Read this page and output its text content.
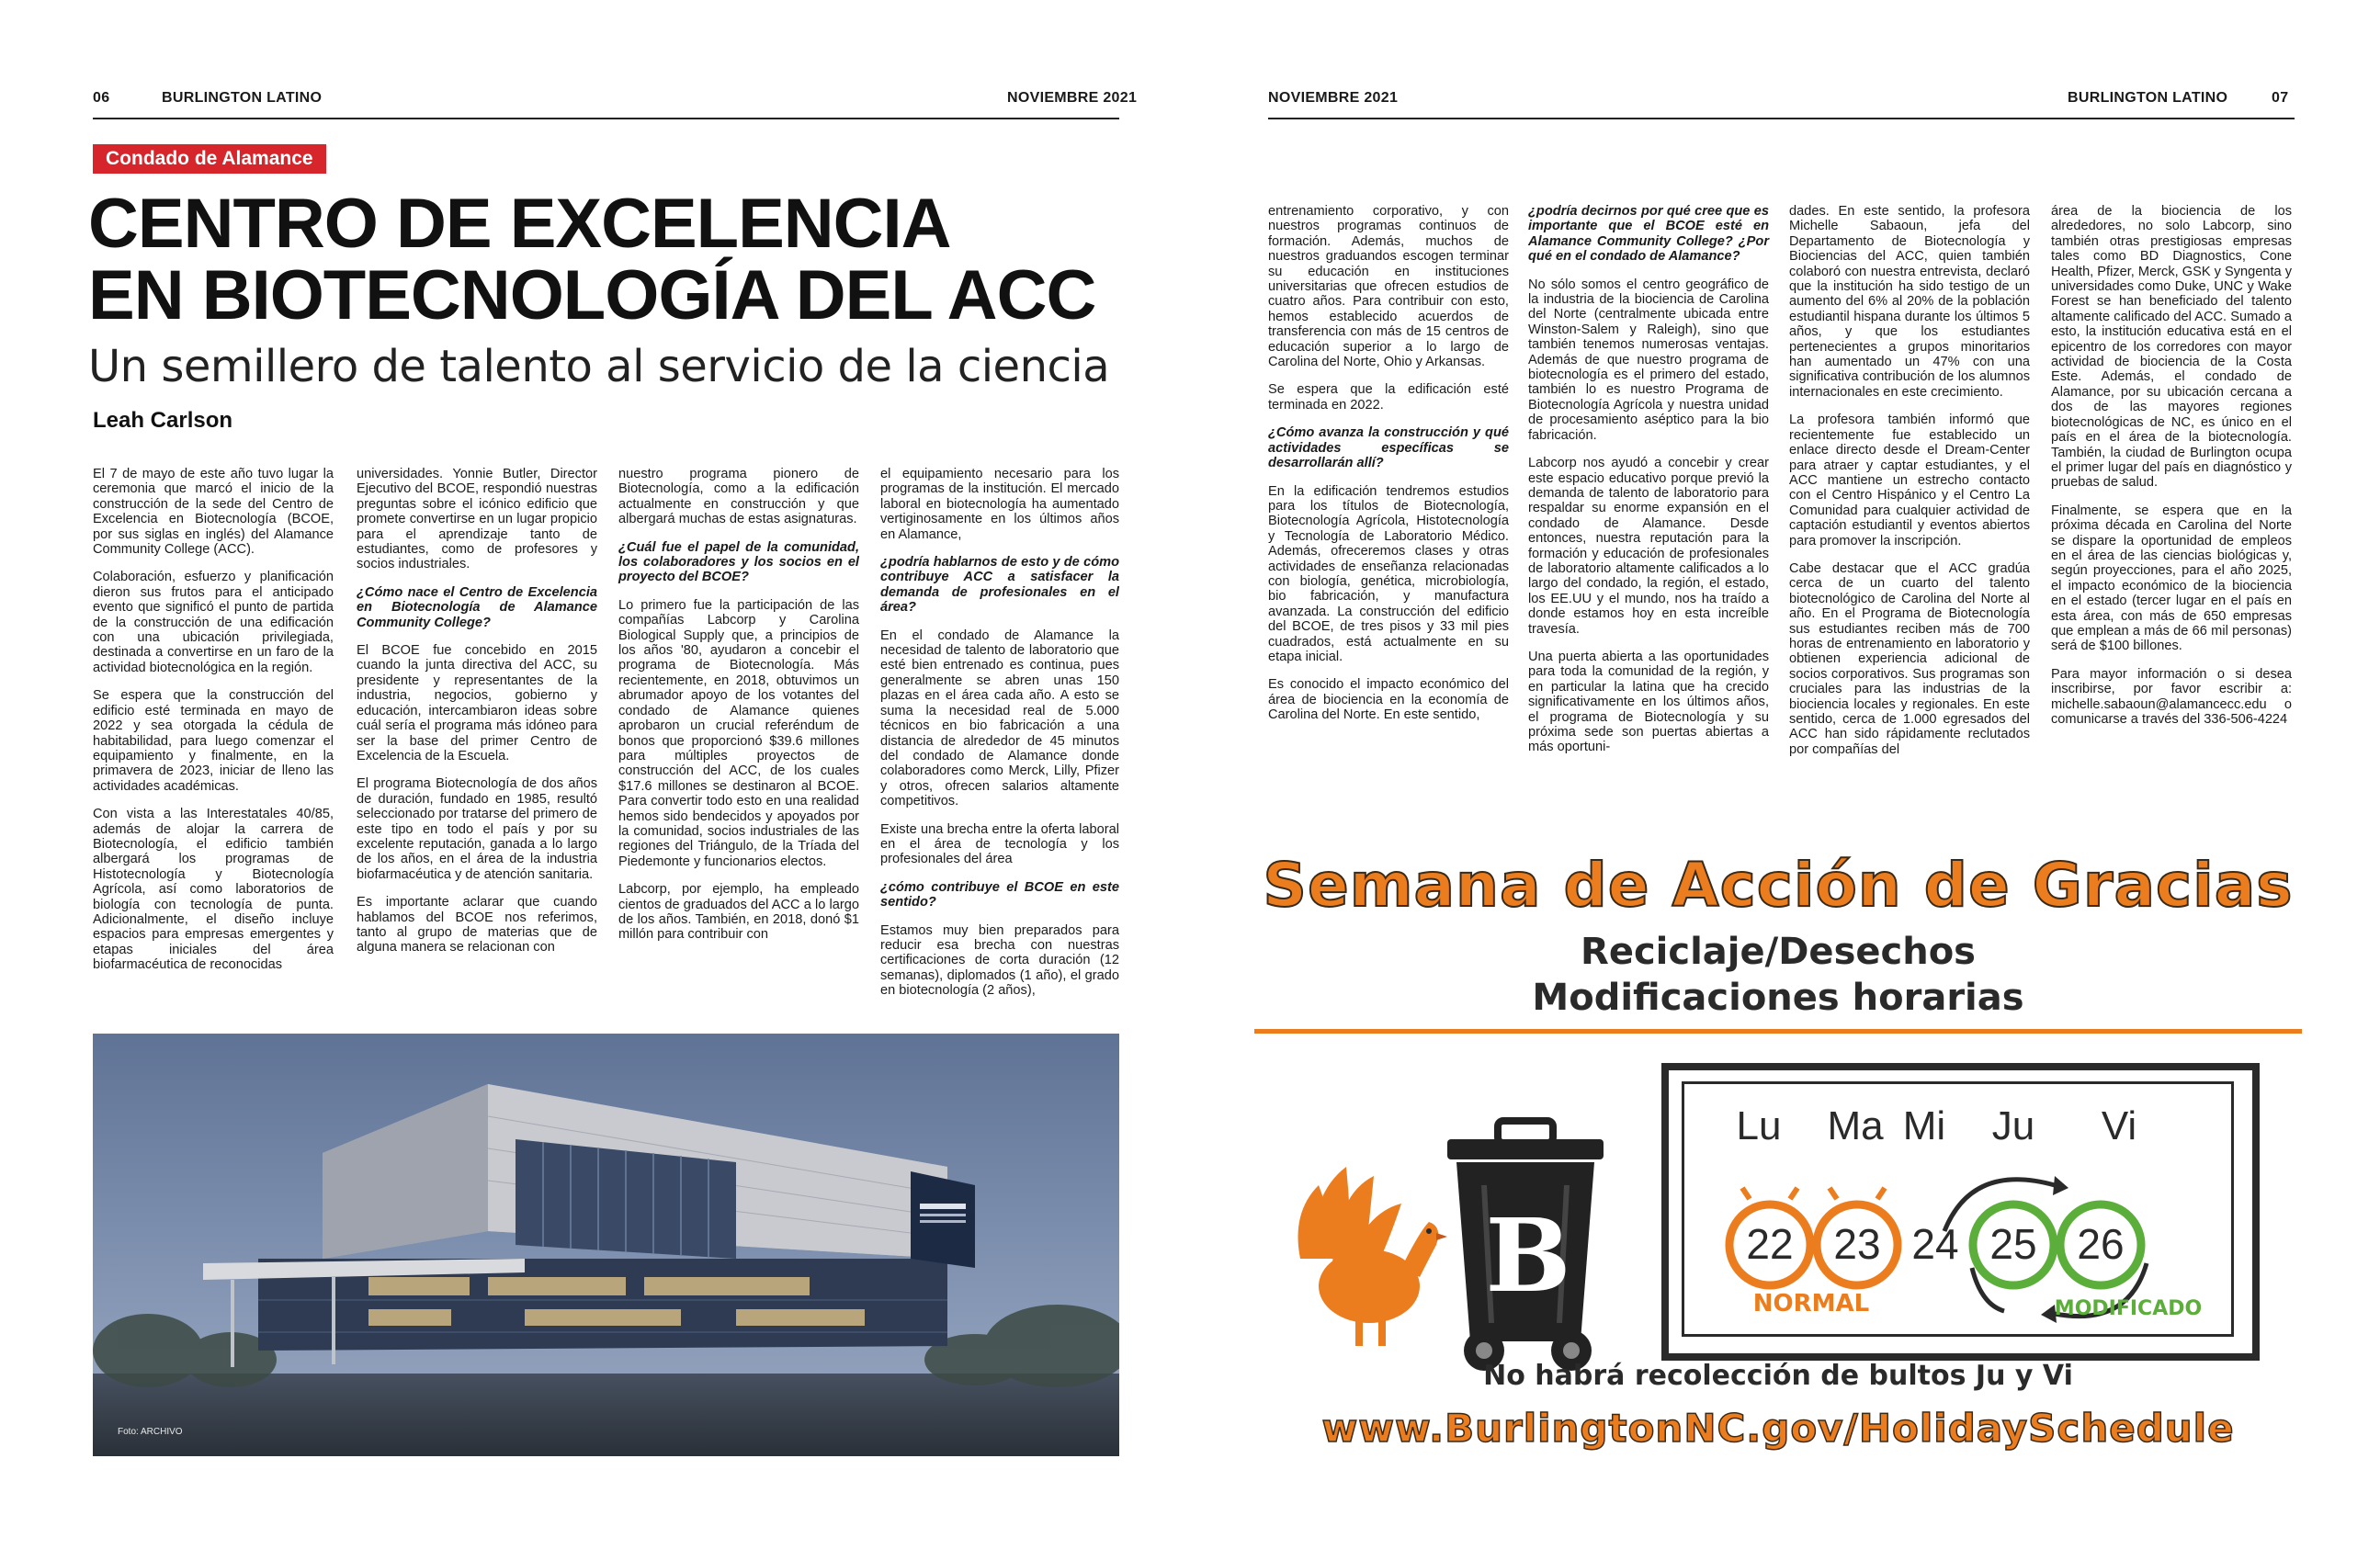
06	BURLINGTON LATINO	NOVIEMBRE 2021
Condado de Alamance
CENTRO DE EXCELENCIA
EN BIOTECNOLOGÍA DEL ACC
Un semillero de talento al servicio de la ciencia
Leah Carlson

El 7 de mayo de este año tuvo lugar la ceremonia que marcó el inicio de la construcción de la sede del Centro de Excelencia en Biotecnología (BCOE, por sus siglas en inglés) del Alamance Community College (ACC).

Colaboración, esfuerzo y planificación dieron sus frutos para el anticipado evento que significó el punto de partida de la construcción de una edificación con una ubicación privilegiada, destinada a convertirse en un faro de la actividad biotecnológica en la región.

Se espera que la construcción del edificio esté terminada en mayo de 2022 y sea otorgada la cédula de habitabilidad, para luego comenzar el equipamiento y finalmente, en la primavera de 2023, iniciar de lleno las actividades académicas.

Con vista a las Interestatales 40/85, además de alojar la carrera de Biotecnología, el edificio también albergará los programas de Histotecnología y Biotecnología Agrícola, así como laboratorios de biología con tecnología de punta. Adicionalmente, el diseño incluye espacios para empresas emergentes y etapas iniciales del área biofarmacéutica de reconocidas

universidades. Yonnie Butler, Director Ejecutivo del BCOE, respondió nuestras preguntas sobre el icónico edificio que promete convertirse en un lugar propicio para el aprendizaje tanto de estudiantes, como de profesores y socios industriales.

¿Cómo nace el Centro de Excelencia en Biotecnología de Alamance Community College?

El BCOE fue concebido en 2015 cuando la junta directiva del ACC, su presidente y representantes de la industria, negocios, gobierno y educación, intercambiaron ideas sobre cuál sería el programa más idóneo para ser la base del primer Centro de Excelencia de la Escuela.

El programa Biotecnología de dos años de duración, fundado en 1985, resultó seleccionado por tratarse del primero de este tipo en todo el país y por su excelente reputación, ganada a lo largo de los años, en el área de la industria biofarmacéutica y de atención sanitaria.

Es importante aclarar que cuando hablamos del BCOE nos referimos, tanto al grupo de materias que de alguna manera se relacionan con

nuestro programa pionero de Biotecnología, como a la edificación actualmente en construcción y que albergará muchas de estas asignaturas.

¿Cuál fue el papel de la comunidad, los colaboradores y los socios en el proyecto del BCOE?

Lo primero fue la participación de las compañías Labcorp y Carolina Biological Supply que, a principios de los años '80, ayudaron a concebir el programa de Biotecnología. Más recientemente, en 2018, obtuvimos un abrumador apoyo de los votantes del condado de Alamance quienes aprobaron un crucial referéndum de bonos que proporcionó $39.6 millones para múltiples proyectos de construcción del ACC, de los cuales $17.6 millones se destinaron al BCOE. Para convertir todo esto en una realidad hemos sido bendecidos y apoyados por la comunidad, socios industriales de las regiones del Triángulo, de la Tríada del Piedemonte y funcionarios electos.

Labcorp, por ejemplo, ha empleado cientos de graduados del ACC a lo largo de los años. También, en 2018, donó $1 millón para contribuir con

el equipamiento necesario para los programas de la institución. El mercado laboral en biotecnología ha aumentado vertiginosamente en los últimos años en Alamance,

¿podría hablarnos de esto y de cómo contribuye ACC a satisfacer la demanda de profesionales en el área?

En el condado de Alamance la necesidad de talento de laboratorio que esté bien entrenado es continua, pues generalmente se abren unas 150 plazas en el área cada año. A esto se suma la necesidad real de 5.000 técnicos en bio fabricación a una distancia de alrededor de 45 minutos del condado de Alamance donde colaboradores como Merck, Lilly, Pfizer y otros, ofrecen salarios altamente competitivos.

Existe una brecha entre la oferta laboral en el área de tecnología y los profesionales del área

¿cómo contribuye el BCOE en este sentido?

Estamos muy bien preparados para reducir esa brecha con nuestras certificaciones de corta duración (12 semanas), diplomados (1 año), el grado en biotecnología (2 años),

Foto: ARCHIVO
NOVIEMBRE 2021	BURLINGTON LATINO	07

entrenamiento corporativo, y con nuestros programas continuos de formación. Además, muchos de nuestros graduandos escogen terminar su educación en instituciones universitarias que ofrecen estudios de cuatro años. Para contribuir con esto, hemos establecido acuerdos de transferencia con más de 15 centros de educación superior a lo largo de Carolina del Norte, Ohio y Arkansas.

Se espera que la edificación esté terminada en 2022.

¿Cómo avanza la construcción y qué actividades específicas se desarrollarán allí?

En la edificación tendremos estudios para los títulos de Biotecnología, Biotecnología Agrícola, Histotecnología y Tecnología de Laboratorio Médico. Además, ofreceremos clases y otras actividades de enseñanza relacionadas con biología, genética, microbiología, bio fabricación, y manufactura avanzada. La construcción del edificio del BCOE, de tres pisos y 33 mil pies cuadrados, está actualmente en su etapa inicial.

Es conocido el impacto económico del área de biociencia en la economía de Carolina del Norte. En este sentido,

¿podría decirnos por qué cree que es importante que el BCOE esté en Alamance Community College? ¿Por qué en el condado de Alamance?

No sólo somos el centro geográfico de la industria de la biociencia de Carolina del Norte (centralmente ubicada entre Winston-Salem y Raleigh), sino que también tenemos numerosas ventajas. Además de que nuestro programa de biotecnología es el primero del estado, también lo es nuestro Programa de Biotecnología Agrícola y nuestra unidad de procesamiento aséptico para la bio fabricación.

Labcorp nos ayudó a concebir y crear este espacio educativo porque previó la demanda de talento de laboratorio para respaldar su enorme expansión en el condado de Alamance. Desde entonces, nuestra reputación para la formación y educación de profesionales de laboratorio altamente calificados a lo largo del condado, la región, el estado, los EE.UU y el mundo, nos ha traído a donde estamos hoy en esta increíble travesía.

Una puerta abierta a las oportunidades para toda la comunidad de la región, y en particular la latina que ha crecido significativamente en los últimos años, el programa de Biotecnología y su próxima sede son puertas abiertas a más oportuni-

dades. En este sentido, la profesora Michelle Sabaoun, jefa del Departamento de Biotecnología y Biociencias del ACC, quien también colaboró con nuestra entrevista, declaró que la institución ha sido testigo de un aumento del 6% al 20% de la población estudiantil hispana durante los últimos 5 años, y que los estudiantes pertenecientes a grupos minoritarios han aumentado un 47% con una significativa contribución de los alumnos internacionales en este crecimiento.

La profesora también informó que recientemente fue establecido un enlace directo desde el Dream-Center para atraer y captar estudiantes, y el ACC mantiene un estrecho contacto con el Centro Hispánico y el Centro La Comunidad para cualquier actividad de captación estudiantil y eventos abiertos para promover la inscripción.

Cabe destacar que el ACC gradúa cerca de un cuarto del talento biotecnológico de Carolina del Norte al año. En el Programa de Biotecnología sus estudiantes reciben más de 700 horas de entrenamiento en laboratorio y obtienen experiencia adicional de socios corporativos. Sus programas son cruciales para las industrias de la biociencia locales y regionales. En este sentido, cerca de 1.000 egresados del ACC han sido rápidamente reclutados por compañías del

área de la biociencia de los alrededores, no solo Labcorp, sino también otras prestigiosas empresas tales como BD Diagnostics, Cone Health, Pfizer, Merck, GSK y Syngenta y universidades como Duke, UNC y Wake Forest se han beneficiado del talento altamente calificado del ACC. Sumado a esto, la institución educativa está en el epicentro de los corredores con mayor actividad de biociencia de la Costa Este. Además, el condado de Alamance, por su ubicación cercana a dos de las mayores regiones biotecnológicas de NC, es único en el país en el área de la biotecnología. También, la ciudad de Burlington ocupa el primer lugar del país en diagnóstico y pruebas de salud.

Finalmente, se espera que en la próxima década en Carolina del Norte se dispare la oportunidad de empleos en el área de las ciencias biológicas y, según proyecciones, para el año 2025, el impacto económico de la biociencia en el estado (tercer lugar en el país en esta área, con más de 650 empresas que emplean a más de 66 mil personas) será de $100 billones.

Para mayor información o si desea inscribirse, por favor escribir a: michelle.sabaoun@alamancecc.edu o comunicarse a través del 336-506-4224

Semana de Acción de Gracias
Reciclaje/Desechos
Modificaciones horarias
B
Lu Ma Mi Ju Vi
22 23 24 25 26
NORMAL	MODIFICADO
No habrá recolección de bultos Ju y Vi
www.BurlingtonNC.gov/HolidaySchedule
